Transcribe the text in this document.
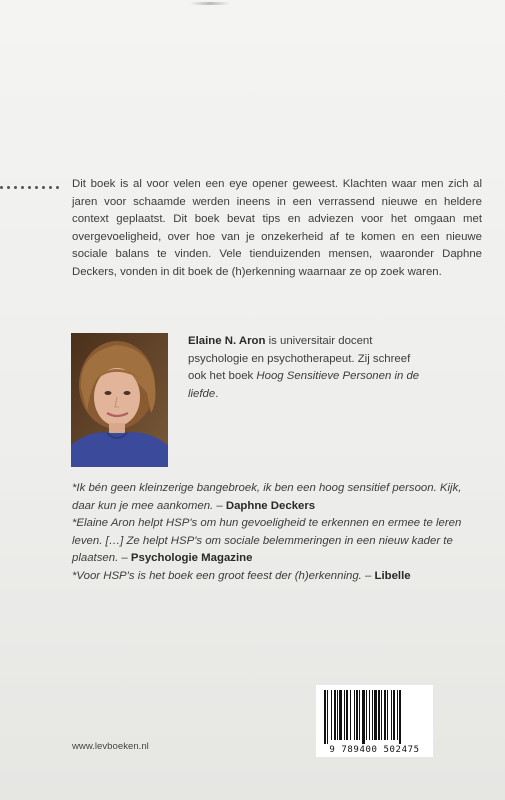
Dit boek is al voor velen een eye opener geweest. Klachten waar men zich al jaren voor schaamde werden ineens in een verrassend nieuwe en heldere context geplaatst. Dit boek bevat tips en adviezen voor het omgaan met overgevoeligheid, over hoe van je onzekerheid af te komen en een nieuwe sociale balans te vinden. Vele tienduizenden mensen, waaronder Daphne Deckers, vonden in dit boek de (h)erkenning waarnaar ze op zoek waren.
Elaine N. Aron is universitair docent psychologie en psychotherapeut. Zij schreef ook het boek Hoog Sensitieve Personen in de liefde.

*Ik bén geen kleinzerige bangebroek, ik ben een hoog sensitief persoon. Kijk, daar kun je mee aankomen. – Daphne Deckers

*Elaine Aron helpt HSP's om hun gevoeligheid te erkennen en ermee te leren leven. […] Ze helpt HSP's om sociale belemmeringen in een nieuw kader te plaatsen. – Psychologie Magazine

*Voor HSP's is het boek een groot feest der (h)erkenning. – Libelle

www.levboeken.nl	9 789400 502475
